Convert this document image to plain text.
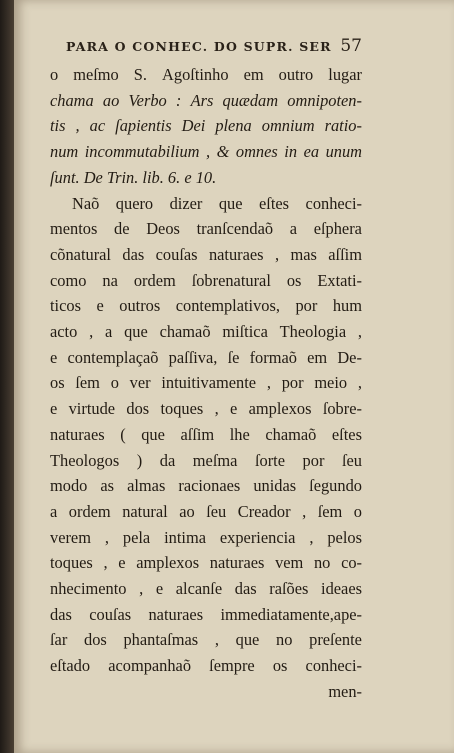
PARA O CONHEC. DO SUPR. SER 57
o meſmo S. Agoſtinho em outro lugar
chama ao Verbo : Ars quædam omnipoten-
tis , ac ſapientis Dei plena omnium ratio-
num incommutabilium , & omnes in ea unum
ſunt. De Trin. lib. 6. e 10.
Naõ quero dizer que eſtes conheci-
mentos de Deos tranſcendaõ a eſphera
cõnatural das couſas naturaes , mas aſſim
como na ordem ſobrenatural os Extati-
ticos e outros contemplativos, por hum
acto , a que chamaõ miſtica Theologia ,
e contemplaçaõ paſſiva, ſe formaõ em De-
os ſem o ver intuitivamente , por meio ,
e virtude dos toques , e amplexos ſobre-
naturaes ( que aſſim lhe chamaõ eſtes
Theologos ) da meſma ſorte por ſeu
modo as almas racionaes unidas ſegundo
a ordem natural ao ſeu Creador , ſem o
verem , pela intima experiencia , pelos
toques , e amplexos naturaes vem no co-
nhecimento , e alcanſe das raſões ideaes
das couſas naturaes immediatamente,ape-
ſar dos phantaſmas , que no preſente
eſtado acompanhaõ ſempre os conheci-
men-
